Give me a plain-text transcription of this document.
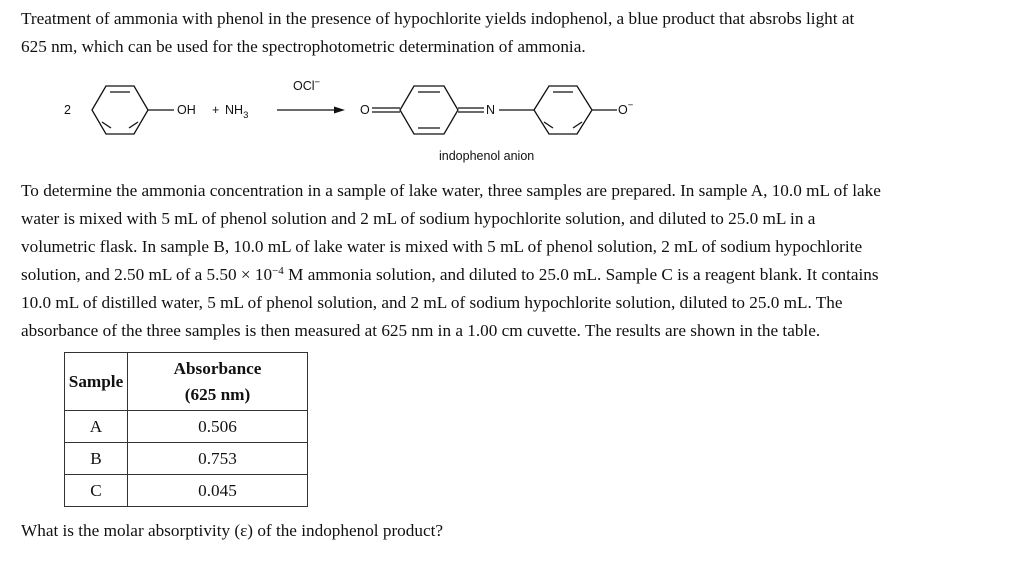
Treatment of ammonia with phenol in the presence of hypochlorite yields indophenol, a blue product that absrobs light at
625 nm, which can be used for the spectrophotometric determination of ammonia.

2	OH + $NH_3$
OCl−
O	N	O−
indophenol anion

To determine the ammonia concentration in a sample of lake water, three samples are prepared. In sample A, 10.0 mL of lake
water is mixed with 5 mL of phenol solution and 2 mL of sodium hypochlorite solution, and diluted to 25.0 mL in a
volumetric flask. In sample B, 10.0 mL of lake water is mixed with 5 mL of phenol solution, 2 mL of sodium hypochlorite
solution, and 2.50 mL of a $5.50 \times 10^{-4}$ M ammonia solution, and diluted to 25.0 mL. Sample C is a reagent blank. It contains
10.0 mL of distilled water, 5 mL of phenol solution, and 2 mL of sodium hypochlorite solution, diluted to 25.0 mL. The
absorbance of the three samples is then measured at 625 nm in a 1.00 cm cuvette. The results are shown in the table.

Sample	Absorbance
(625 nm)
A	0.506
B	0.753
C	0.045

What is the molar absorptivity (ε) of the indophenol product?
